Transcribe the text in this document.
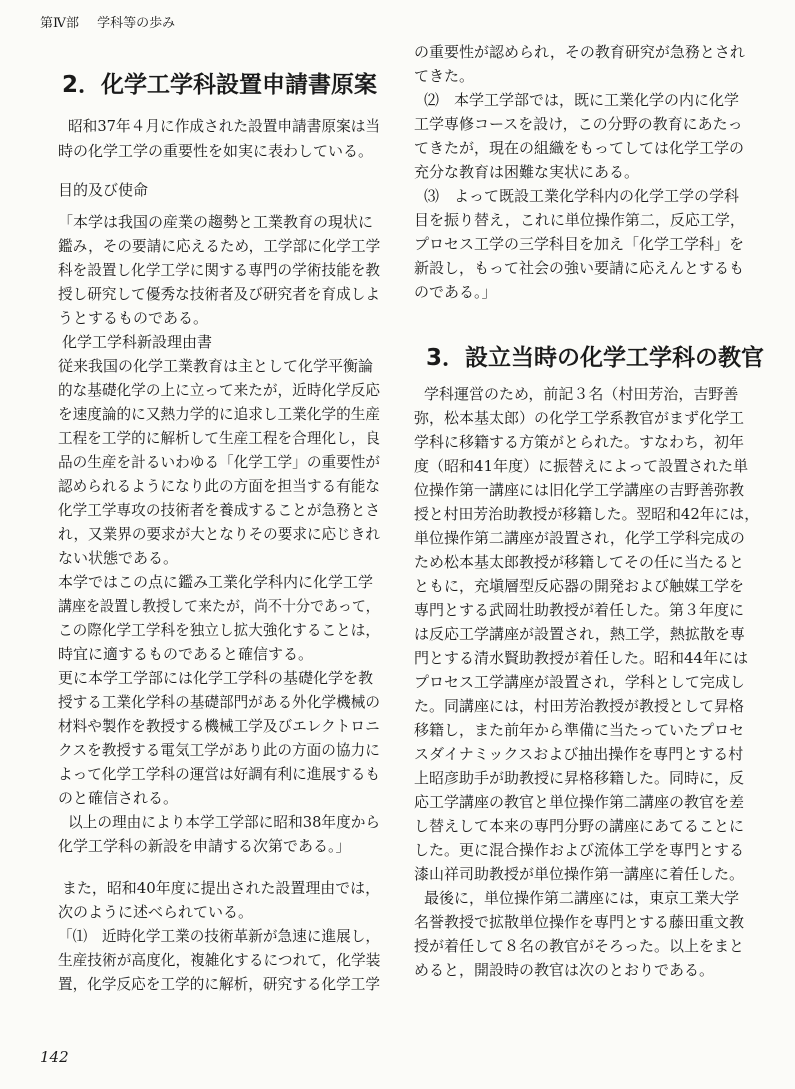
第Ⅳ部 学科等の歩み
2．化学工学科設置申請書原案
昭和37年４月に作成された設置申請書原案は当
時の化学工学の重要性を如実に表わしている。
目的及び使命
「本学は我国の産業の趨勢と工業教育の現状に
鑑み，その要請に応えるため，工学部に化学工学
科を設置し化学工学に関する専門の学術技能を教
授し研究して優秀な技術者及び研究者を育成しよ
うとするものである。
化学工学科新設理由書
従来我国の化学工業教育は主として化学平衡論
的な基礎化学の上に立って来たが，近時化学反応
を速度論的に又熱力学的に追求し工業化学的生産
工程を工学的に解析して生産工程を合理化し，良
品の生産を計るいわゆる「化学工学」の重要性が
認められるようになり此の方面を担当する有能な
化学工学専攻の技術者を養成することが急務とさ
れ，又業界の要求が大となりその要求に応じきれ
ない状態である。
本学ではこの点に鑑み工業化学科内に化学工学
講座を設置し教授して来たが，尚不十分であって，
この際化学工学科を独立し拡大強化することは，
時宜に適するものであると確信する。
更に本学工学部には化学工学科の基礎化学を教
授する工業化学科の基礎部門がある外化学機械の
材料や製作を教授する機械工学及びエレクトロニ
クスを教授する電気工学があり此の方面の協力に
よって化学工学科の運営は好調有利に進展するも
のと確信される。
以上の理由により本学工学部に昭和38年度から
化学工学科の新設を申請する次第である。」
また，昭和40年度に提出された設置理由では，
次のように述べられている。
「⑴　近時化学工業の技術革新が急速に進展し，
生産技術が高度化，複雑化するにつれて，化学装
置，化学反応を工学的に解析，研究する化学工学
の重要性が認められ，その教育研究が急務とされ
てきた。
⑵　本学工学部では，既に工業化学の内に化学
工学専修コースを設け，この分野の教育にあたっ
てきたが，現在の組織をもってしては化学工学の
充分な教育は困難な実状にある。
⑶　よって既設工業化学科内の化学工学の学科
目を振り替え，これに単位操作第二，反応工学，
プロセス工学の三学科目を加え「化学工学科」を
新設し，もって社会の強い要請に応えんとするも
のである。」
学科運営のため，前記３名（村田芳治，吉野善
弥，松本基太郎）の化学工学系教官がまず化学工
学科に移籍する方策がとられた。すなわち，初年
度（昭和41年度）に振替えによって設置された単
位操作第一講座には旧化学工学講座の吉野善弥教
授と村田芳治助教授が移籍した。翌昭和42年には，
単位操作第二講座が設置され，化学工学科完成の
ため松本基太郎教授が移籍してその任に当たると
ともに，充塡層型反応器の開発および触媒工学を
専門とする武岡壮助教授が着任した。第３年度に
は反応工学講座が設置され，熱工学，熱拡散を専
門とする清水賢助教授が着任した。昭和44年には
プロセス工学講座が設置され，学科として完成し
た。同講座には，村田芳治教授が教授として昇格
移籍し，また前年から準備に当たっていたプロセ
スダイナミックスおよび抽出操作を専門とする村
上昭彦助手が助教授に昇格移籍した。同時に，反
応工学講座の教官と単位操作第二講座の教官を差
し替えして本来の専門分野の講座にあてることに
した。更に混合操作および流体工学を専門とする
漆山祥司助教授が単位操作第一講座に着任した。
最後に，単位操作第二講座には，東京工業大学
名誉教授で拡散単位操作を専門とする藤田重文教
授が着任して８名の教官がそろった。以上をまと
めると，開設時の教官は次のとおりである。
3．設立当時の化学工学科の教官
142
